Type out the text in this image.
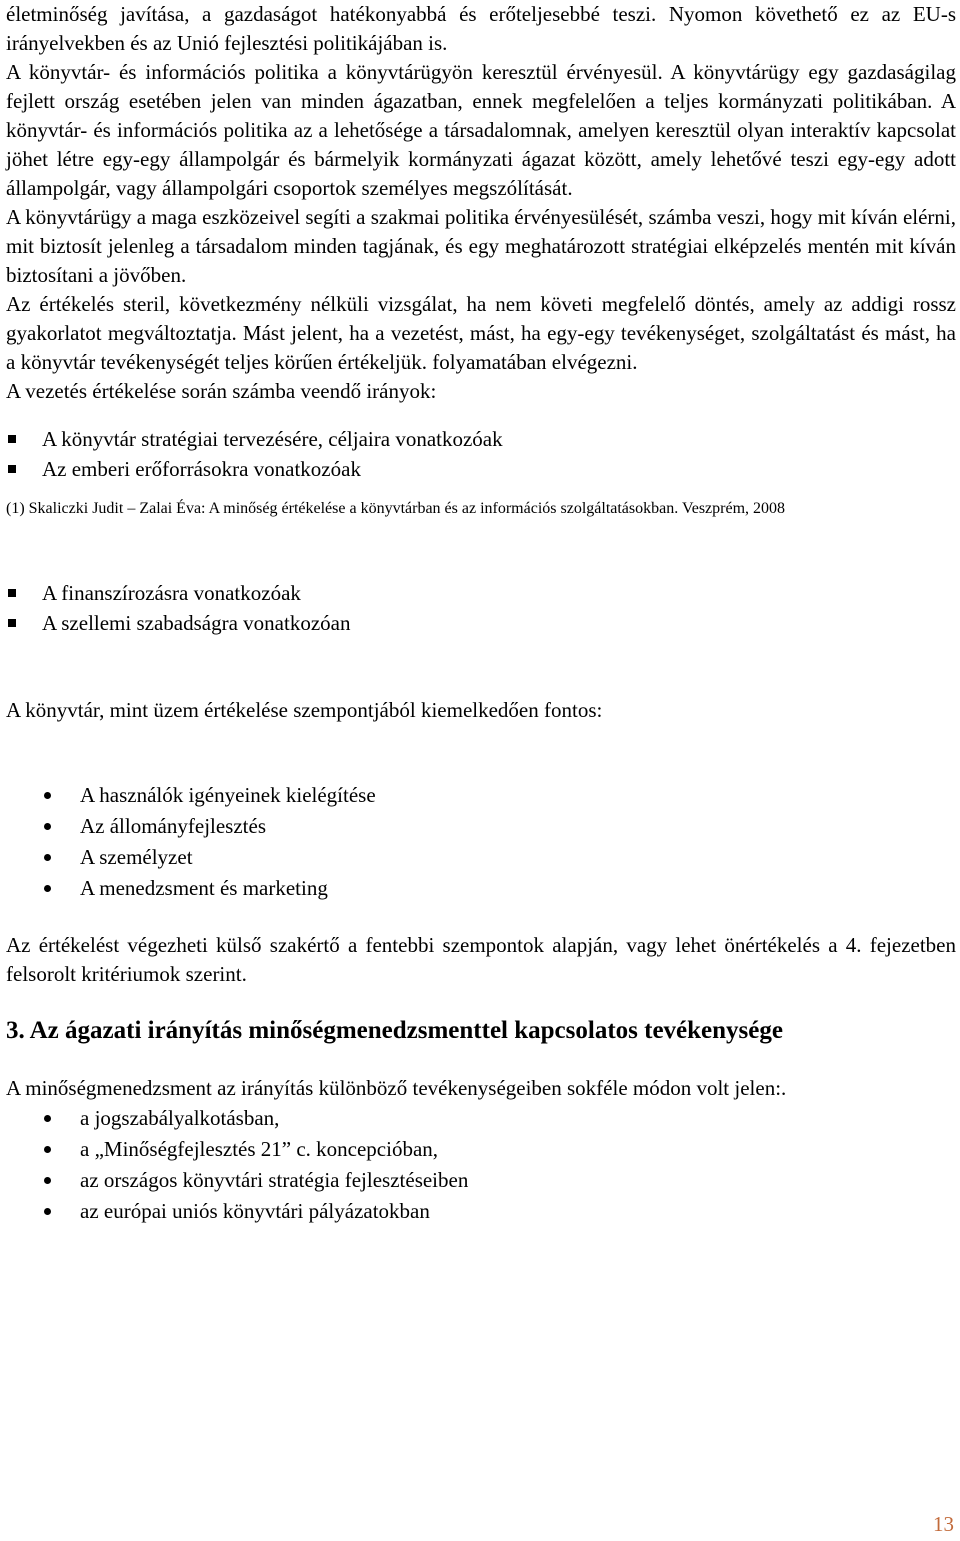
életminőség javítása, a gazdaságot hatékonyabbá és erőteljesebbé teszi. Nyomon követhető ez az EU-s irányelvekben és az Unió fejlesztési politikájában is.

A könyvtár- és információs politika a könyvtárügyön keresztül érvényesül. A könyvtárügy egy gazdaságilag fejlett ország esetében jelen van minden ágazatban, ennek megfelelően a teljes kormányzati politikában. A könyvtár- és információs politika az a lehetősége a társadalomnak, amelyen keresztül olyan interaktív kapcsolat jöhet létre egy-egy állampolgár és bármelyik kormányzati ágazat között, amely lehetővé teszi egy-egy adott állampolgár, vagy állampolgári csoportok személyes megszólítását.

A könyvtárügy a maga eszközeivel segíti a szakmai politika érvényesülését, számba veszi, hogy mit kíván elérni, mit biztosít jelenleg a társadalom minden tagjának, és egy meghatározott stratégiai elképzelés mentén mit kíván biztosítani a jövőben.

Az értékelés steril, következmény nélküli vizsgálat, ha nem követi megfelelő döntés, amely az addigi rossz gyakorlatot megváltoztatja. Mást jelent, ha a vezetést, mást, ha egy-egy tevékenységet, szolgáltatást és mást, ha a könyvtár tevékenységét teljes körűen értékeljük. folyamatában elvégezni.

A vezetés értékelése során számba veendő irányok:

A könyvtár stratégiai tervezésére, céljaira vonatkozóak
Az emberi erőforrásokra vonatkozóak

(1) Skaliczki Judit – Zalai Éva: A minőség értékelése a könyvtárban és az információs szolgáltatásokban. Veszprém, 2008

A finanszírozásra vonatkozóak
A szellemi szabadságra vonatkozóan

A könyvtár, mint üzem értékelése szempontjából kiemelkedően fontos:

A használók igényeinek kielégítése
Az állományfejlesztés
A személyzet
A menedzsment és marketing

Az értékelést végezheti külső szakértő a fentebbi szempontok alapján, vagy lehet önértékelés a 4. fejezetben felsorolt kritériumok szerint.

3. Az ágazati irányítás minőségmenedzsmenttel kapcsolatos tevékenysége

A minőségmenedzsment az irányítás különböző tevékenységeiben sokféle módon volt jelen:.

a jogszabályalkotásban,
a „Minőségfejlesztés 21” c. koncepcióban,
az országos könyvtári stratégia fejlesztéseiben
az európai uniós könyvtári pályázatokban
13
